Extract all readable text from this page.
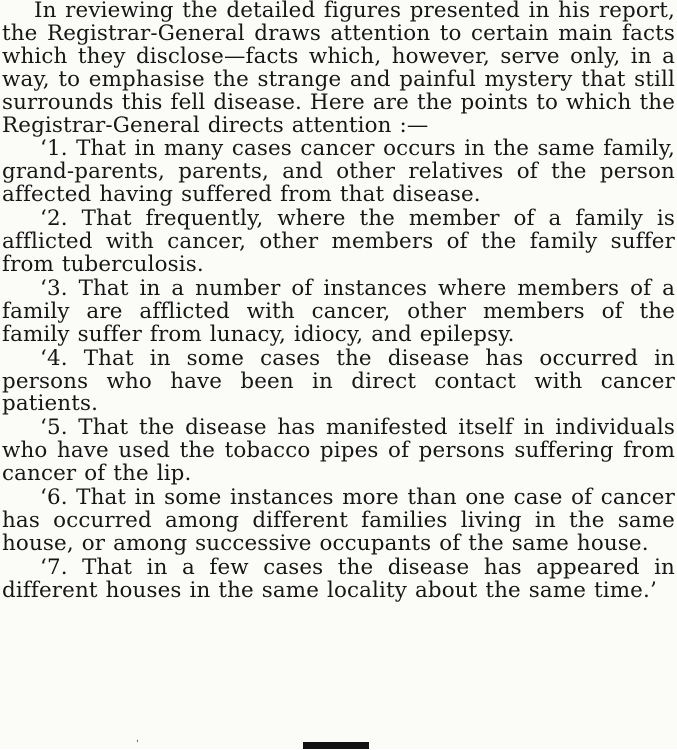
In reviewing the detailed figures presented in his report, the Registrar-General draws attention to certain main facts which they disclose—facts which, however, serve only, in a way, to emphasise the strange and painful mystery that still surrounds this fell disease. Here are the points to which the Registrar-General directs attention :—

‘1. That in many cases cancer occurs in the same family, grand-parents, parents, and other relatives of the person affected having suffered from that disease.

‘2. That frequently, where the member of a family is afflicted with cancer, other members of the family suffer from tuberculosis.

‘3. That in a number of instances where members of a family are afflicted with cancer, other members of the family suffer from lunacy, idiocy, and epilepsy.

‘4. That in some cases the disease has occurred in persons who have been in direct contact with cancer patients.

‘5. That the disease has manifested itself in individuals who have used the tobacco pipes of persons suffering from cancer of the lip.

‘6. That in some instances more than one case of cancer has occurred among different families living in the same house, or among successive occupants of the same house.

‘7. That in a few cases the disease has appeared in different houses in the same locality about the same time.’

ʼ
